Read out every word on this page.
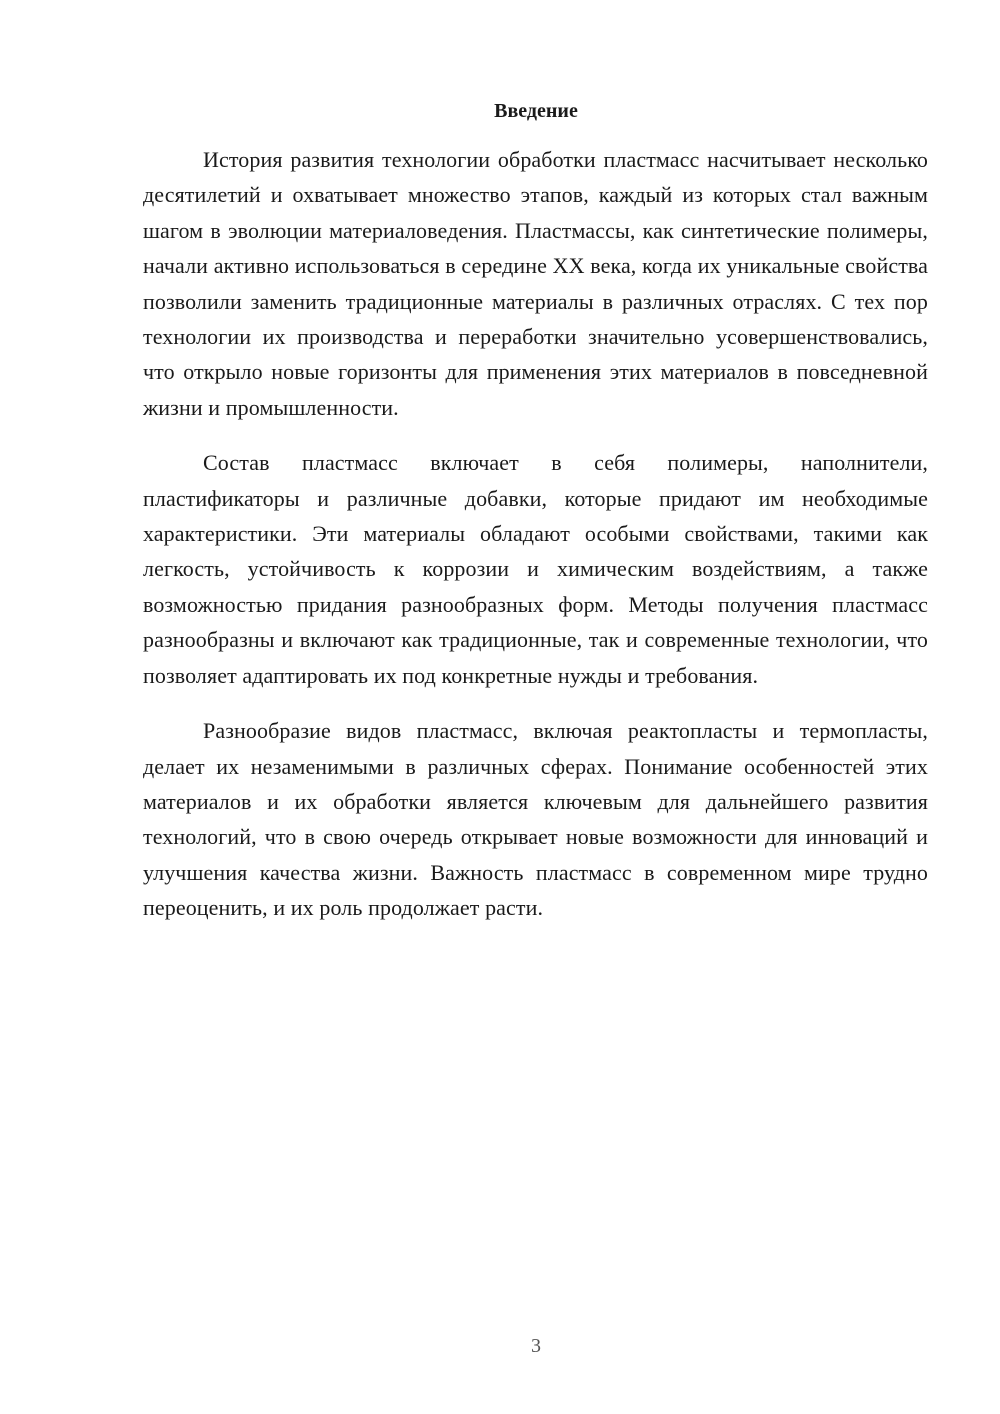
Введение

История развития технологии обработки пластмасс насчитывает несколько десятилетий и охватывает множество этапов, каждый из которых стал важным шагом в эволюции материаловедения. Пластмассы, как синтетические полимеры, начали активно использоваться в середине XX века, когда их уникальные свойства позволили заменить традиционные материалы в различных отраслях. С тех пор технологии их производства и переработки значительно усовершенствовались, что открыло новые горизонты для применения этих материалов в повседневной жизни и промышленности.

Состав пластмасс включает в себя полимеры, наполнители, пластификаторы и различные добавки, которые придают им необходимые характеристики. Эти материалы обладают особыми свойствами, такими как легкость, устойчивость к коррозии и химическим воздействиям, а также возможностью придания разнообразных форм. Методы получения пластмасс разнообразны и включают как традиционные, так и современные технологии, что позволяет адаптировать их под конкретные нужды и требования.

Разнообразие видов пластмасс, включая реактопласты и термопласты, делает их незаменимыми в различных сферах. Понимание особенностей этих материалов и их обработки является ключевым для дальнейшего развития технологий, что в свою очередь открывает новые возможности для инноваций и улучшения качества жизни. Важность пластмасс в современном мире трудно переоценить, и их роль продолжает расти.

3
